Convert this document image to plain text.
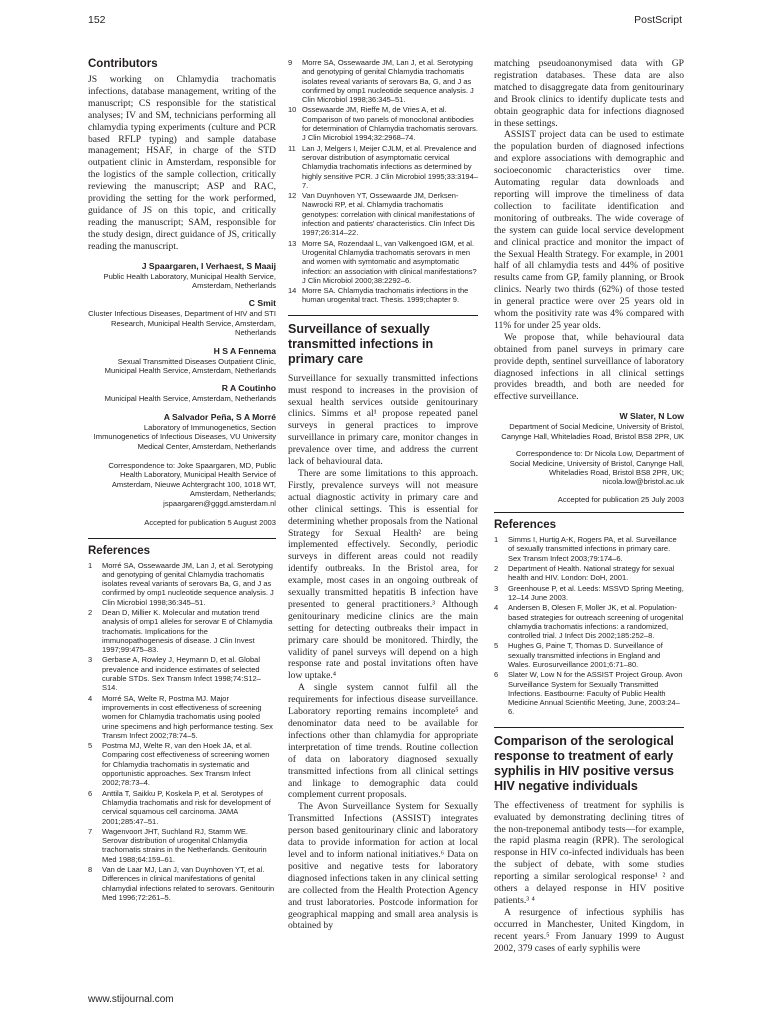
152	PostScript
Contributors

JS working on Chlamydia trachomatis infections, database management, writing of the manuscript; CS responsible for the statistical analyses; IV and SM, technicians performing all chlamydia typing experiments (culture and PCR based RFLP typing) and sample database management; HSAF, in charge of the STD outpatient clinic in Amsterdam, responsible for the logistics of the sample collection, critically reviewing the manuscript; ASP and RAC, providing the setting for the work performed, guidance of JS on this topic, and critically reading the manuscript; SAM, responsible for the study design, direct guidance of JS, critically reading the manuscript.

J Spaargaren, I Verhaest, S Maaij
Public Health Laboratory, Municipal Health Service, Amsterdam, Netherlands
C Smit
Cluster Infectious Diseases, Department of HIV and STI Research, Municipal Health Service, Amsterdam, Netherlands
H S A Fennema
Sexual Transmitted Diseases Outpatient Clinic, Municipal Health Service, Amsterdam, Netherlands
R A Coutinho
Municipal Health Service, Amsterdam, Netherlands
A Salvador Peña, S A Morré
Laboratory of Immunogenetics, Section Immunogenetics of Infectious Diseases, VU University Medical Center, Amsterdam, Netherlands
Correspondence to: Joke Spaargaren, MD, Public Health Laboratory, Municipal Health Service of Amsterdam, Nieuwe Achtergracht 100, 1018 WT, Amsterdam, Netherlands; jspaargaren@gggd.amsterdam.nl
Accepted for publication 5 August 2003
References
1 Morré SA, Ossewaarde JM, Lan J, et al. Serotyping and genotyping of genital Chlamydia trachomatis isolates reveal variants of serovars Ba, G, and J as confirmed by omp1 nucleotide sequence analysis. J Clin Microbiol 1998;36:345–51.
2 Dean D, Millier K. Molecular and mutation trend analysis of omp1 alleles for serovar E of Chlamydia trachomatis. Implications for the immunopathogenesis of disease. J Clin Invest 1997;99:475–83.
3 Gerbase A, Rowley J, Heymann D, et al. Global prevalence and incidence estimates of selected curable STDs. Sex Transm Infect 1998;74:S12–S14.
4 Morré SA, Welte R, Postma MJ. Major improvements in cost effectiveness of screening women for Chlamydia trachomatis using pooled urine specimens and high performance testing. Sex Transm Infect 2002;78:74–5.
5 Postma MJ, Welte R, van den Hoek JA, et al. Comparing cost effectiveness of screening women for Chlamydia trachomatis in systematic and opportunistic approaches. Sex Transm Infect 2002;78:73–4.
6 Anttila T, Saikku P, Koskela P, et al. Serotypes of Chlamydia trachomatis and risk for development of cervical squamous cell carcinoma. JAMA 2001;285:47–51.
7 Wagenvoort JHT, Suchland RJ, Stamm WE. Serovar distribution of urogenital Chlamydia trachomatis strains in the Netherlands. Genitourin Med 1988;64:159–61.
8 Van de Laar MJ, Lan J, van Duynhoven YT, et al. Differences in clinical manifestations of genital chlamydial infections related to serovars. Genitourin Med 1996;72:261–5.
9 Morre SA, Ossewaarde JM, Lan J, et al. Serotyping and genotyping of genital Chlamydia trachomatis isolates reveal variants of serovars Ba, G, and J as confirmed by omp1 nucleotide sequence analysis. J Clin Microbiol 1998;36:345–51.
10 Ossewaarde JM, Rieffe M, de Vries A, et al. Comparison of two panels of monoclonal antibodies for determination of Chlamydia trachomatis serovars. J Clin Microbiol 1994;32:2968–74.
11 Lan J, Melgers I, Meijer CJLM, et al. Prevalence and serovar distribution of asymptomatic cervical Chlamydia trachomatis infections as determined by highly sensitive PCR. J Clin Microbiol 1995;33:3194–7.
12 Van Duynhoven YT, Ossewaarde JM, Derksen-Nawrocki RP, et al. Chlamydia trachomatis genotypes: correlation with clinical manifestations of infection and patients' characteristics. Clin Infect Dis 1997;26:314–22.
13 Morre SA, Rozendaal L, van Valkengoed IGM, et al. Urogenital Chlamydia trachomatis serovars in men and women with symtomatic and asymptomatic infection: an association with clinical manifestations? J Clin Microbiol 2000;38:2292–6.
14 Morre SA. Chlamydia trachomatis infections in the human urogenital tract. Thesis. 1999;chapter 9.
Surveillance of sexually transmitted infections in primary care

Surveillance for sexually transmitted infections must respond to increases in the provision of sexual health services outside genitourinary clinics. Simms et al¹ propose repeated panel surveys in general practices to improve surveillance in primary care, monitor changes in prevalence over time, and address the current lack of behavioural data.

There are some limitations to this approach. Firstly, prevalence surveys will not measure actual diagnostic activity in primary care and other clinical settings. This is essential for determining whether proposals from the National Strategy for Sexual Health² are being implemented effectively. Secondly, periodic surveys in different areas could not readily identify outbreaks. In the Bristol area, for example, most cases in an ongoing outbreak of sexually transmitted hepatitis B infection have presented to general practitioners.³ Although genitourinary medicine clinics are the main setting for detecting outbreaks their impact in primary care should be monitored. Thirdly, the validity of panel surveys will depend on a high response rate and postal invitations often have low uptake.⁴

A single system cannot fulfil all the requirements for infectious disease surveillance. Laboratory reporting remains incomplete⁵ and denominator data need to be available for infections other than chlamydia for appropriate interpretation of time trends. Routine collection of data on laboratory diagnosed sexually transmitted infections from all clinical settings and linkage to demographic data could complement current proposals.

The Avon Surveillance System for Sexually Transmitted Infections (ASSIST) integrates person based genitourinary clinic and laboratory data to provide information for action at local level and to inform national initiatives.⁶ Data on positive and negative tests for laboratory diagnosed infections taken in any clinical setting are collected from the Health Protection Agency and trust laboratories. Postcode information for geographical mapping and small area analysis is obtained by

matching pseudoanonymised data with GP registration databases. These data are also matched to disaggregate data from genitourinary and Brook clinics to identify duplicate tests and obtain geographic data for infections diagnosed in these settings.

ASSIST project data can be used to estimate the population burden of diagnosed infections and explore associations with demographic and socioeconomic characteristics over time. Automating regular data downloads and reporting will improve the timeliness of data collection to facilitate identification and monitoring of outbreaks. The wide coverage of the system can guide local service development and clinical practice and monitor the impact of the Sexual Health Strategy. For example, in 2001 half of all chlamydia tests and 44% of positive results came from GP, family planning, or Brook clinics. Nearly two thirds (62%) of those tested in general practice were over 25 years old in whom the positivity rate was 4% compared with 11% for under 25 year olds.

We propose that, while behavioural data obtained from panel surveys in primary care provide depth, sentinel surveillance of laboratory diagnosed infections in all clinical settings provides breadth, and both are needed for effective surveillance.

W Slater, N Low
Department of Social Medicine, University of Bristol, Canynge Hall, Whiteladies Road, Bristol BS8 2PR, UK
Correspondence to: Dr Nicola Low, Department of Social Medicine, University of Bristol, Canynge Hall, Whiteladies Road, Bristol BS8 2PR, UK; nicola.low@bristol.ac.uk
Accepted for publication 25 July 2003
References
1 Simms I, Hurtig A-K, Rogers PA, et al. Surveillance of sexually transmitted infections in primary care. Sex Transm Infect 2003;79:174–6.
2 Department of Health. National strategy for sexual health and HIV. London: DoH, 2001.
3 Greenhouse P, et al. Leeds: MSSVD Spring Meeting, 12–14 June 2003.
4 Andersen B, Olesen F, Moller JK, et al. Population-based strategies for outreach screening of urogenital chlamydia trachomatis infections: a randomized, controlled trial. J Infect Dis 2002;185:252–8.
5 Hughes G, Paine T, Thomas D. Surveillance of sexually transmitted infections in England and Wales. Eurosurveillance 2001;6:71–80.
6 Slater W, Low N for the ASSIST Project Group. Avon Surveillance System for Sexually Transmitted Infections. Eastbourne: Faculty of Public Health Medicine Annual Scientific Meeting, June, 2003:24–6.
Comparison of the serological response to treatment of early syphilis in HIV positive versus HIV negative individuals

The effectiveness of treatment for syphilis is evaluated by demonstrating declining titres of the non-treponemal antibody tests—for example, the rapid plasma reagin (RPR). The serological response in HIV co-infected individuals has been the subject of debate, with some studies reporting a similar serological response¹ ² and others a delayed response in HIV positive patients.³ ⁴

A resurgence of infectious syphilis has occurred in Manchester, United Kingdom, in recent years.⁵ From January 1999 to August 2002, 379 cases of early syphilis were

www.stijournal.com
